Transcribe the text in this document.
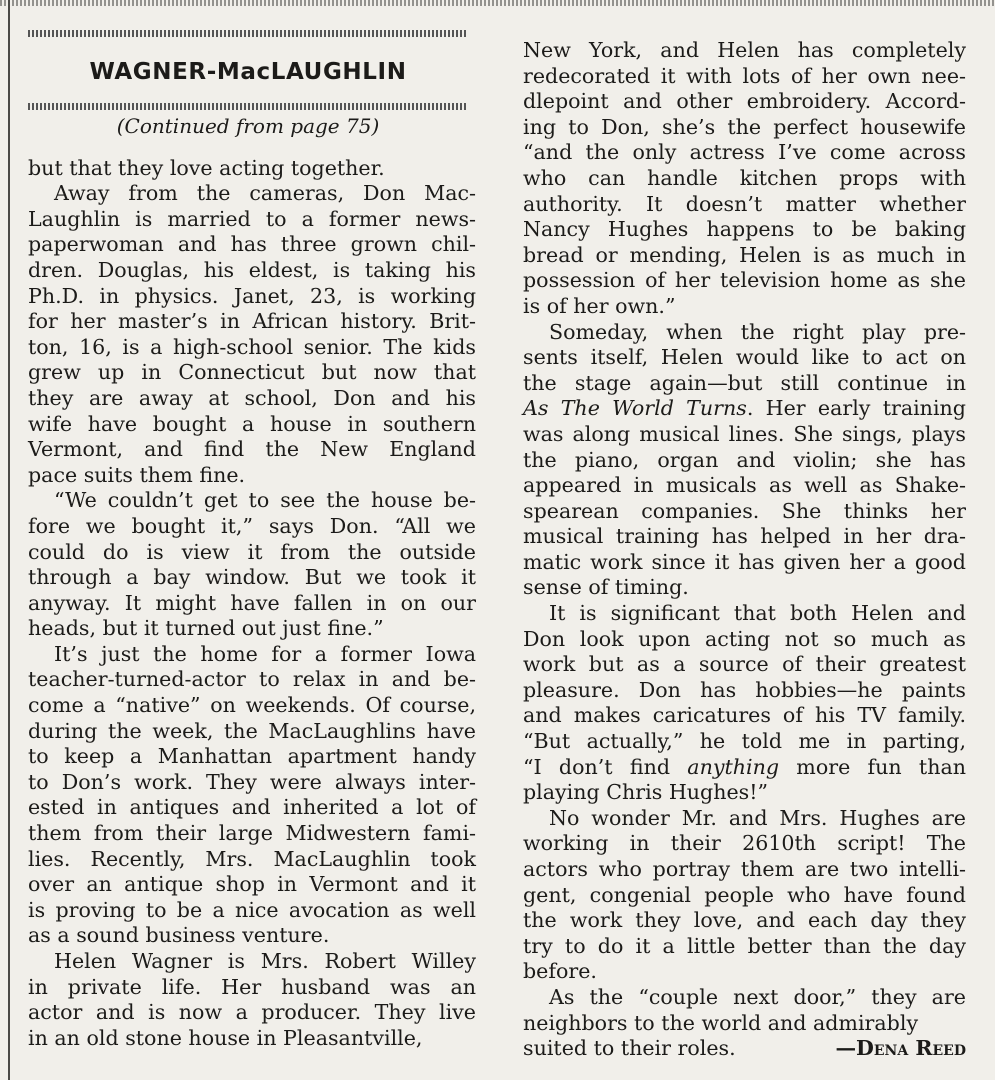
WAGNER-MacLAUGHLIN
(Continued from page 75)
but that they love acting together.
Away from the cameras, Don Mac-
Laughlin is married to a former news-
paperwoman and has three grown chil-
dren. Douglas, his eldest, is taking his
Ph.D. in physics. Janet, 23, is working
for her master’s in African history. Brit-
ton, 16, is a high-school senior. The kids
grew up in Connecticut but now that
they are away at school, Don and his
wife have bought a house in southern
Vermont, and find the New England
pace suits them fine.
“We couldn’t get to see the house be-
fore we bought it,” says Don. “All we
could do is view it from the outside
through a bay window. But we took it
anyway. It might have fallen in on our
heads, but it turned out just fine.”
It’s just the home for a former Iowa
teacher-turned-actor to relax in and be-
come a “native” on weekends. Of course,
during the week, the MacLaughlins have
to keep a Manhattan apartment handy
to Don’s work. They were always inter-
ested in antiques and inherited a lot of
them from their large Midwestern fami-
lies. Recently, Mrs. MacLaughlin took
over an antique shop in Vermont and it
is proving to be a nice avocation as well
as a sound business venture.
Helen Wagner is Mrs. Robert Willey
in private life. Her husband was an
actor and is now a producer. They live
in an old stone house in Pleasantville,
New York, and Helen has completely
redecorated it with lots of her own nee-
dlepoint and other embroidery. Accord-
ing to Don, she’s the perfect housewife
“and the only actress I’ve come across
who can handle kitchen props with
authority. It doesn’t matter whether
Nancy Hughes happens to be baking
bread or mending, Helen is as much in
possession of her television home as she
is of her own.”
Someday, when the right play pre-
sents itself, Helen would like to act on
the stage again—but still continue in
As The World Turns. Her early training
was along musical lines. She sings, plays
the piano, organ and violin; she has
appeared in musicals as well as Shake-
spearean companies. She thinks her
musical training has helped in her dra-
matic work since it has given her a good
sense of timing.
It is significant that both Helen and
Don look upon acting not so much as
work but as a source of their greatest
pleasure. Don has hobbies—he paints
and makes caricatures of his TV family.
“But actually,” he told me in parting,
“I don’t find anything more fun than
playing Chris Hughes!”
No wonder Mr. and Mrs. Hughes are
working in their 2610th script! The
actors who portray them are two intelli-
gent, congenial people who have found
the work they love, and each day they
try to do it a little better than the day
before.
As the “couple next door,” they are
neighbors to the world and admirably
suited to their roles.	—Dena Reed
